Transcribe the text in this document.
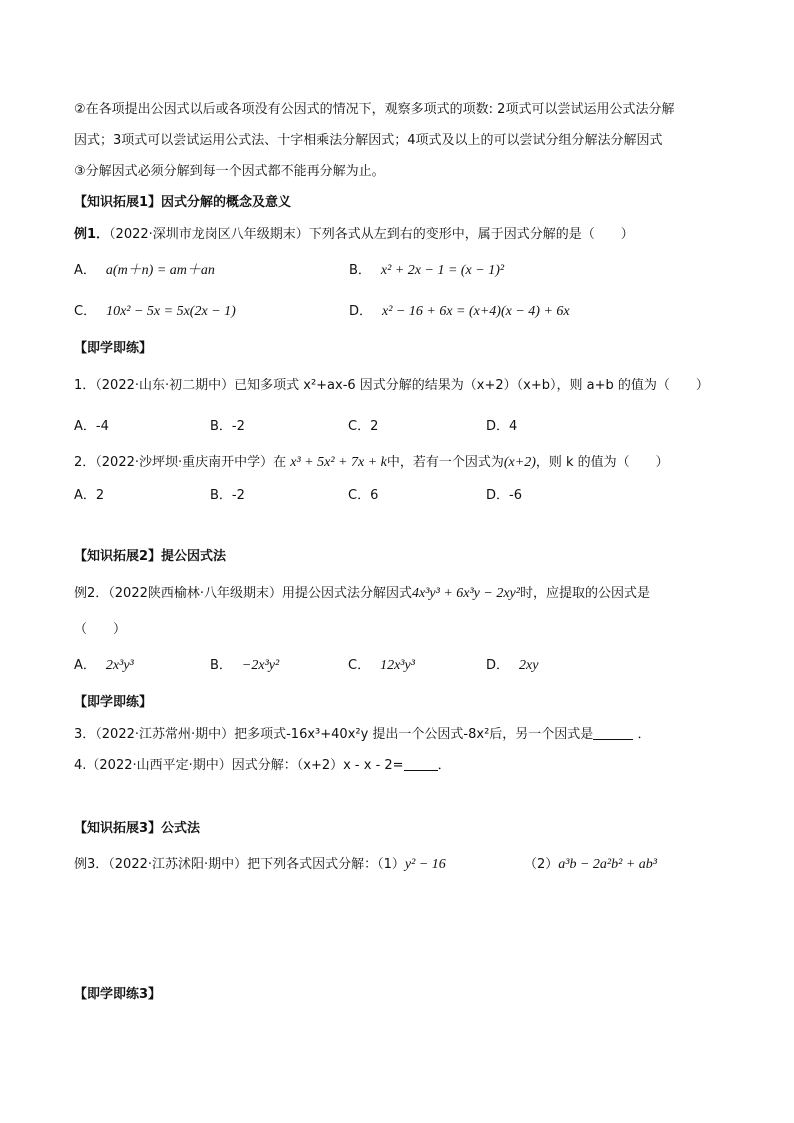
②在各项提出公因式以后或各项没有公因式的情况下，观察多项式的项数: 2项式可以尝试运用公式法分解
因式；3项式可以尝试运用公式法、十字相乘法分解因式；4项式及以上的可以尝试分组分解法分解因式
③分解因式必须分解到每一个因式都不能再分解为止。
【知识拓展1】因式分解的概念及意义
例1．（2022·深圳市龙岗区八年级期末）下列各式从左到右的变形中，属于因式分解的是（　　）
A． a(m＋n) = am＋an	B． x² + 2x − 1 = (x − 1)²
C． 10x² − 5x = 5x(2x − 1)	D． x² − 16 + 6x = (x+4)(x − 4) + 6x
【即学即练】
1．（2022·山东·初二期中）已知多项式 x²+ax-6 因式分解的结果为（x+2）（x+b），则 a+b 的值为（　　）
A．-4	B．-2	C．2	D．4
2．（2022·沙坪坝·重庆南开中学）在 x³ + 5x² + 7x + k中，若有一个因式为(x+2)，则 k 的值为（　　）
A．2	B．-2	C．6	D．-6
【知识拓展2】提公因式法
例2．（2022陕西榆林·八年级期末）用提公因式法分解因式4x³y³ + 6x³y − 2xy²时，应提取的公因式是
（　　）
A． 2x³y³	B． −2x³y²	C． 12x³y³	D． 2xy
【即学即练】
3．（2022·江苏常州·期中）把多项式-16x³+40x²y 提出一个公因式-8x²后，另一个因式是	．
4.（2022·山西平定·期中）因式分解：（x+2）x - x - 2=	．
【知识拓展3】公式法
例3．（2022·江苏沭阳·期中）把下列各式因式分解：（1）y² − 16	（2）a³b − 2a²b² + ab³
【即学即练3】
